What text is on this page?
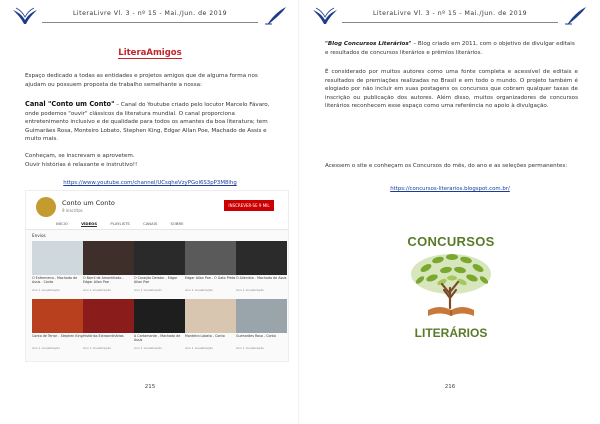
LiteraLivre Vl. 3 - nº 15 - Mai./Jun. de 2019
LiteraAmigos
Espaço dedicado a todas as entidades e projetos amigos que de alguma forma nos ajudam ou possuem proposta de trabalho semelhante a nossa:
Canal "Conto um Conto" – Canal do Youtube criado pelo locutor Marcelo Fávaro, onde podemos "ouvir" clássicos da literatura mundial. O canal proporciona entretenimento inclusivo e de qualidade para todos os amantes da boa literatura; tem Guimarães Rosa, Monteiro Lobato, Stephen King, Edgar Allan Poe, Machado de Assis e muito mais.
Conheçam, se inscrevam e aprovetem.
Ouvir histórias é relaxante e instrutivo!!
https://www.youtube.com/channel/UCsqheVzyPGol6S3pP3M8lhg
Conto um Conto
9 inscritos
INSCREVER-SE 9 MIL
INÍCIO	VÍDEOS	PLAYLISTS	CANAIS	SOBRE
Envios
O Enfermeiro - Machado de Assis - Conto
Ano 1 visualização
O Barril de Amontillado - Edgar Allan Poe
Ano 1 visualização
O Coração Delator - Edgar Allan Poe
Ano 1 visualização
Edgar Allan Poe - O Gato Preto
Ano 1 visualização
O Alienista - Machado de Assis
Ano 1 visualização
Conto de Terror - Stephen King
Ano 1 visualização
Histórias Extraordinárias
Ano 1 visualização
A Cartomante - Machado de Assis
Ano 1 visualização
Monteiro Lobato - Conto
Ano 1 visualização
Guimarães Rosa - Conto
Ano 1 visualização
215
LiteraLivre Vl. 3 - nº 15 - Mai./Jun. de 2019
"Blog Concursos Literários" – Blog criado em 2011, com o objetivo de divulgar editais e resultados de concursos literários e prêmios literários.
É considerado por muitos autores como uma fonte completa e acessível de editais e resultados de premiações realizadas no Brasil e em todo o mundo. O projeto também é elogiado por não incluir em suas postagens os concursos que cobram qualquer taxas de inscrição ou publicação dos autores. Além disso, muitos organizadores de concursos literários reconhecem esse espaço como uma referência no apoio à divulgação.
Acessem o site e conheçam os Concursos do mês, do ano e as seleções permanentes:
https://concursos-literarios.blogspot.com.br/
216
CONCURSOS
LITERÁRIOS
